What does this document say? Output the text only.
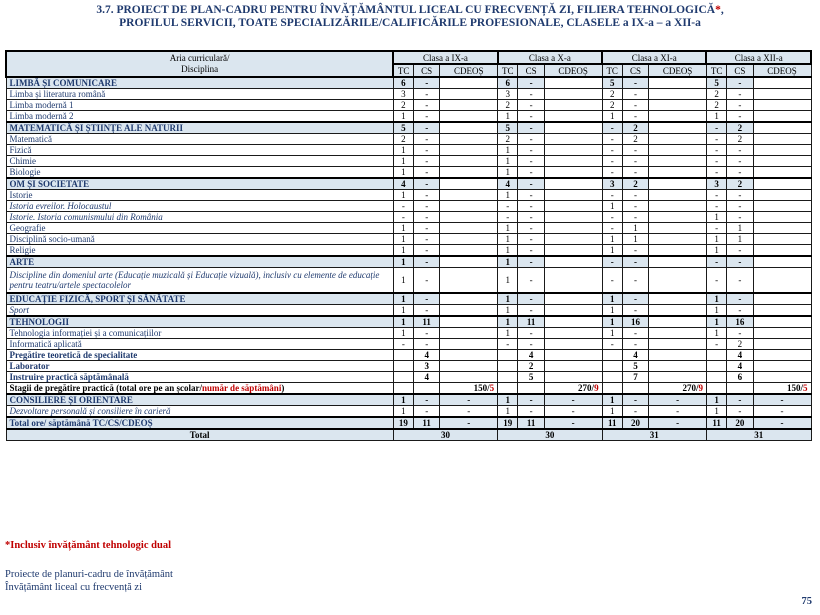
3.7. PROIECT DE PLAN-CADRU PENTRU ÎNVĂȚĂMÂNTUL LICEAL CU FRECVENȚĂ ZI, FILIERA TEHNOLOGICĂ*,
PROFILUL SERVICII, TOATE SPECIALIZĂRILE/CALIFICĂRILE PROFESIONALE, CLASELE a IX-a – a XII-a
Aria curriculară/
Disciplina	Clasa a IX-a			Clasa a X-a			Clasa a XI-a			Clasa a XII-a		
	TC	CS	CDEOȘ	TC	CS	CDEOȘ	TC	CS	CDEOȘ	TC	CS	CDEOȘ
LIMBĂ ȘI COMUNICARE	6	-		6	-		5	-		5	-	
Limba și literatura română	3	-		3	-		2	-		2	-	
Limba modernă 1	2	-		2	-		2	-		2	-	
Limba modernă 2	1	-		1	-		1	-		1	-	
MATEMATICĂ ȘI ȘTIINȚE ALE NATURII	5	-		5	-		-	2		-	2	
Matematică	2	-		2	-		-	2		-	2	
Fizică	1	-		1	-		-	-		-	-	
Chimie	1	-		1	-		-	-		-	-	
Biologie	1	-		1	-		-	-		-	-	
OM ȘI SOCIETATE	4	-		4	-		3	2		3	2	
Istorie	1	-		1	-		-	-		-	-	
Istoria evreilor. Holocaustul	-	-		-	-		1	-		-	-	
Istorie. Istoria comunismului din România	-	-		-	-		-	-		1	-	
Geografie	1	-		1	-		-	1		-	1	
Disciplină socio-umană	1	-		1	-		1	1		1	1	
Religie	1	-		1	-		1	-		1	-	
ARTE	1	-		1	-		-	-		-	-	
Discipline din domeniul arte (Educație muzicală și Educație vizuală), inclusiv cu elemente de educație pentru teatru/artele spectacolelor	1	-		1	-		-	-		-	-	
EDUCAȚIE FIZICĂ, SPORT ȘI SĂNĂTATE	1	-		1	-		1	-		1	-	
Sport	1	-		1	-		1	-		1	-	
TEHNOLOGII	1	11		1	11		1	16		1	16	
Tehnologia informației și a comunicațiilor	1	-		1	-		1	-		1	-	
Informatică aplicată	-	-		-	-		-	-		-	2	
Pregătire teoretică de specialitate		4			4			4			4	
Laborator		3			2			5			4	
Instruire practică săptămânală		4			5			7			6	
Stagii de pregătire practică (total ore pe an școlar/număr de săptămâni)			150/5			270/9			270/9			150/5
CONSILIERE ȘI ORIENTARE	1	-	-	1	-	-	1	-	-	1	-	-
Dezvoltare personală și consiliere în carieră	1	-	-	1	-	-	1	-	-	1	-	-
Total ore/ săptămână TC/CS/CDEOȘ	19	11	-	19	11	-	11	20	-	11	20	-
Total	30			30			31			31		
*Inclusiv învățământ tehnologic dual
Proiecte de planuri-cadru de învățământ
Învățământ liceal cu frecvență zi
75
